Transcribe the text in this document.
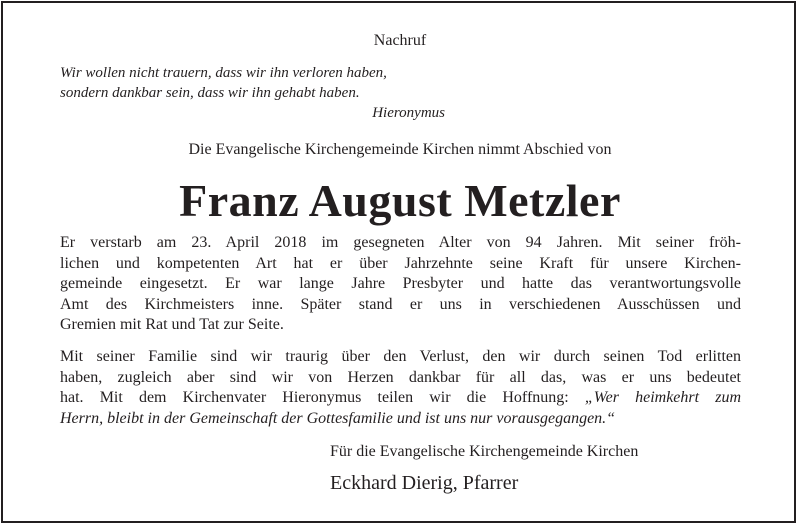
Nachruf
Wir wollen nicht trauern, dass wir ihn verloren haben,
sondern dankbar sein, dass wir ihn gehabt haben.
Hieronymus
Die Evangelische Kirchengemeinde Kirchen nimmt Abschied von
Franz August Metzler
Er verstarb am 23. April 2018 im gesegneten Alter von 94 Jahren. Mit seiner fröh-
lichen und kompetenten Art hat er über Jahrzehnte seine Kraft für unsere Kirchen-
gemeinde eingesetzt. Er war lange Jahre Presbyter und hatte das verantwortungsvolle
Amt des Kirchmeisters inne. Später stand er uns in verschiedenen Ausschüssen und
Gremien mit Rat und Tat zur Seite.
Mit seiner Familie sind wir traurig über den Verlust, den wir durch seinen Tod erlitten
haben, zugleich aber sind wir von Herzen dankbar für all das, was er uns bedeutet
hat. Mit dem Kirchenvater Hieronymus teilen wir die Hoffnung: „Wer heimkehrt zum
Herrn, bleibt in der Gemeinschaft der Gottesfamilie und ist uns nur vorausgegangen.“
Für die Evangelische Kirchengemeinde Kirchen
Eckhard Dierig, Pfarrer
